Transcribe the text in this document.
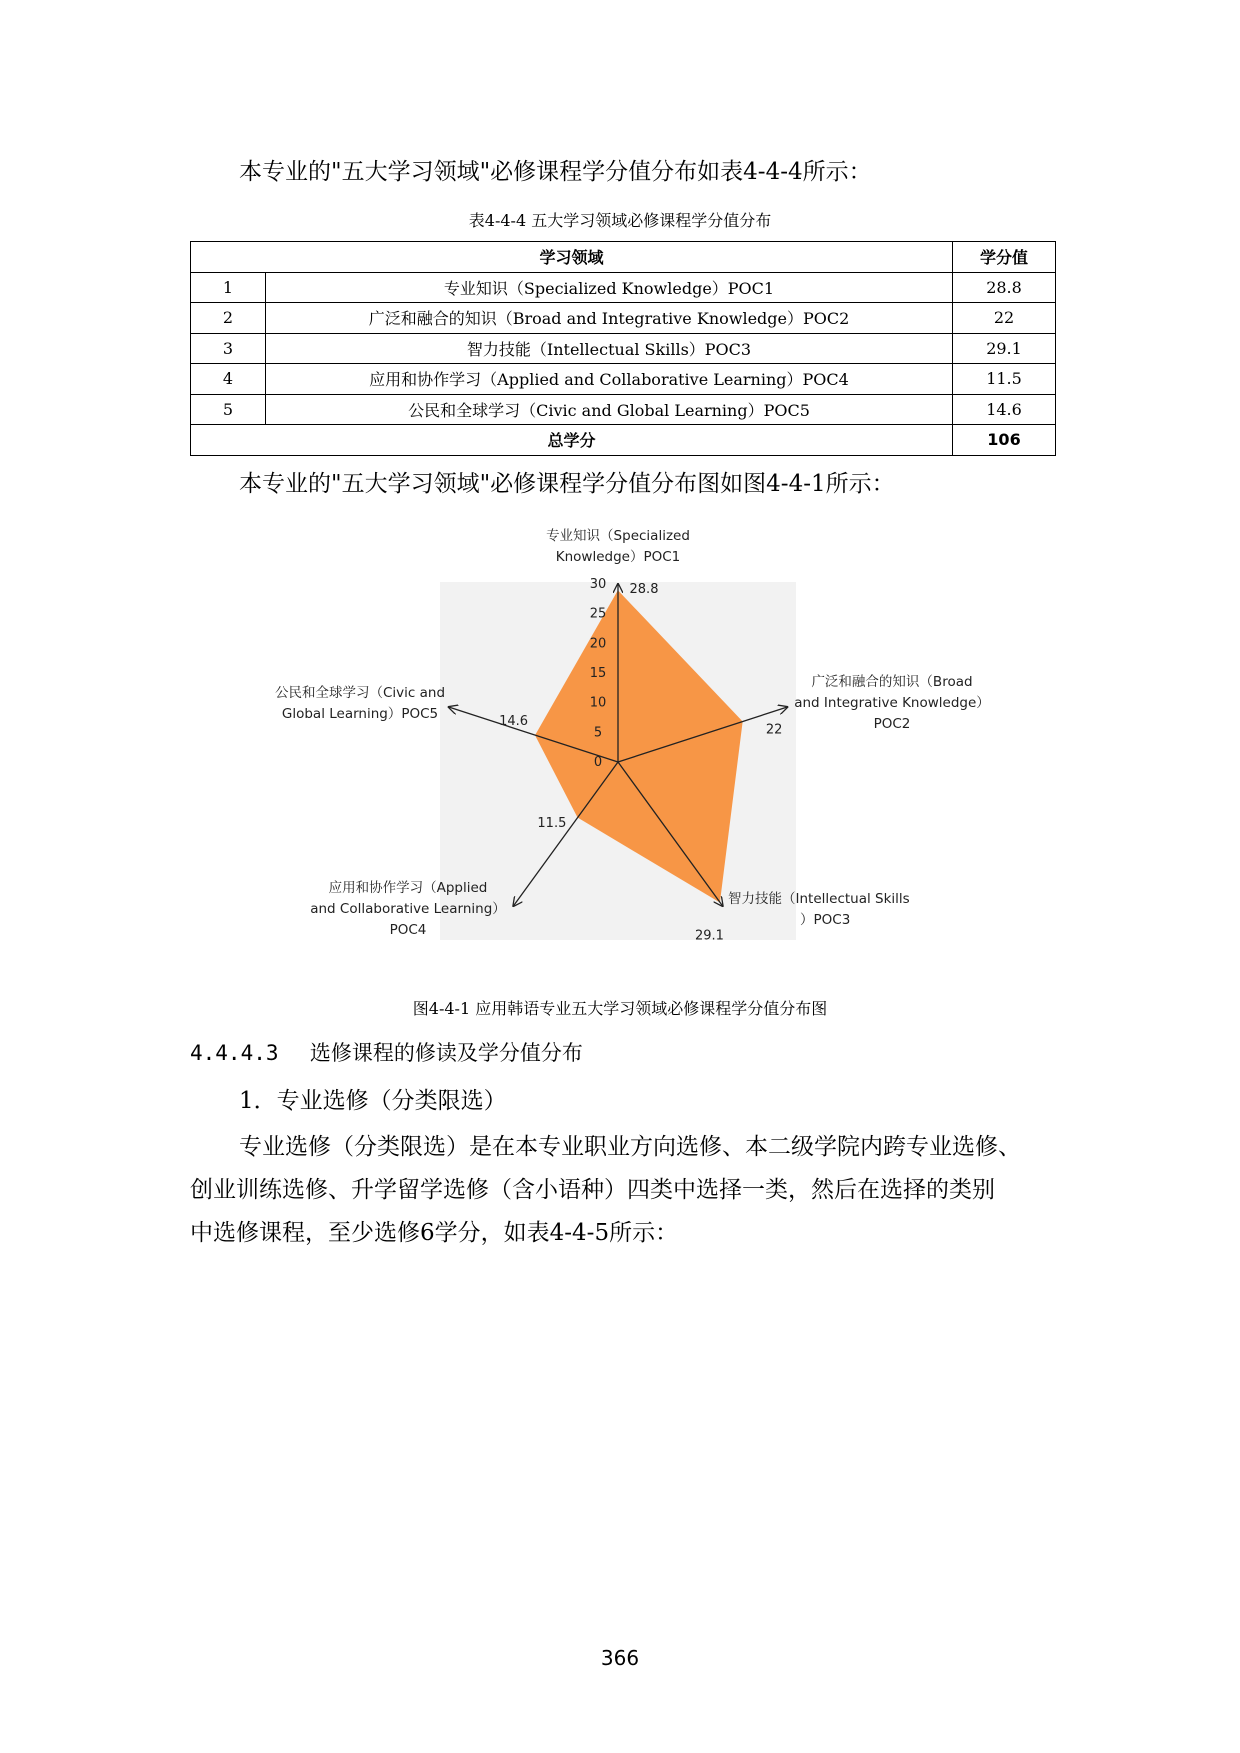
本专业的"五大学习领域"必修课程学分值分布如表4-4-4所示：
表4-4-4 五大学习领域必修课程学分值分布
学习领域		学分值
1	专业知识（Specialized Knowledge）POC1	28.8
2	广泛和融合的知识（Broad and Integrative Knowledge）POC2	22
3	智力技能（Intellectual Skills）POC3	29.1
4	应用和协作学习（Applied and Collaborative Learning）POC4	11.5
5	公民和全球学习（Civic and Global Learning）POC5	14.6
总学分		106
本专业的"五大学习领域"必修课程学分值分布图如图4-4-1所示：
0
5
10
15
20
25
30 28.8
22
29.1
11.5
14.6
专业知识（Specialized
Knowledge）POC1
广泛和融合的知识（Broad
and Integrative Knowledge）
POC2
智力技能（Intellectual Skills
）POC3
应用和协作学习（Applied
and Collaborative Learning）
POC4
公民和全球学习（Civic and
Global Learning）POC5
图4-4-1 应用韩语专业五大学习领域必修课程学分值分布图
4.4.4.3 选修课程的修读及学分值分布
1．专业选修（分类限选）
专业选修（分类限选）是在本专业职业方向选修、本二级学院内跨专业选修、
创业训练选修、升学留学选修（含小语种）四类中选择一类，然后在选择的类别
中选修课程，至少选修6学分，如表4-4-5所示：
366
